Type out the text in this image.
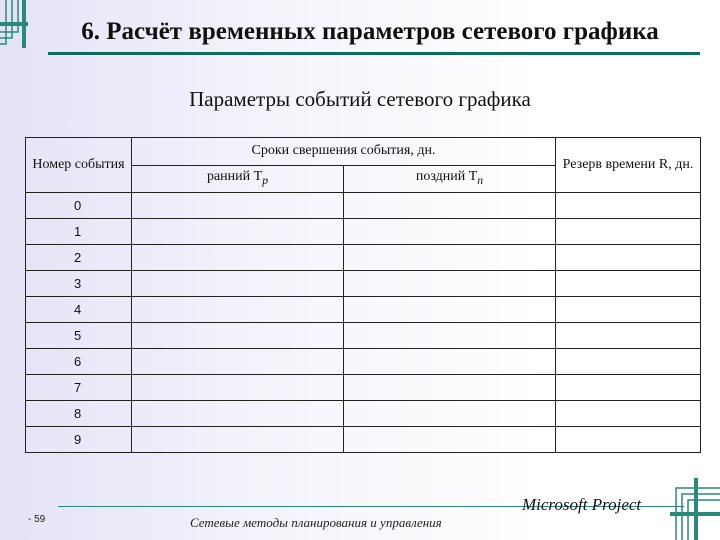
6. Расчёт временных параметров сетевого графика
Параметры событий сетевого графика
Номер события	Сроки свершения события, дн.		Резерв времени R, дн.
	ранний $T_р$	поздний $T_п$
0			
1			
2			
3			
4			
5			
6			
7			
8			
9			
- 59	Сетевые методы планирования и управления
Microsoft Project
